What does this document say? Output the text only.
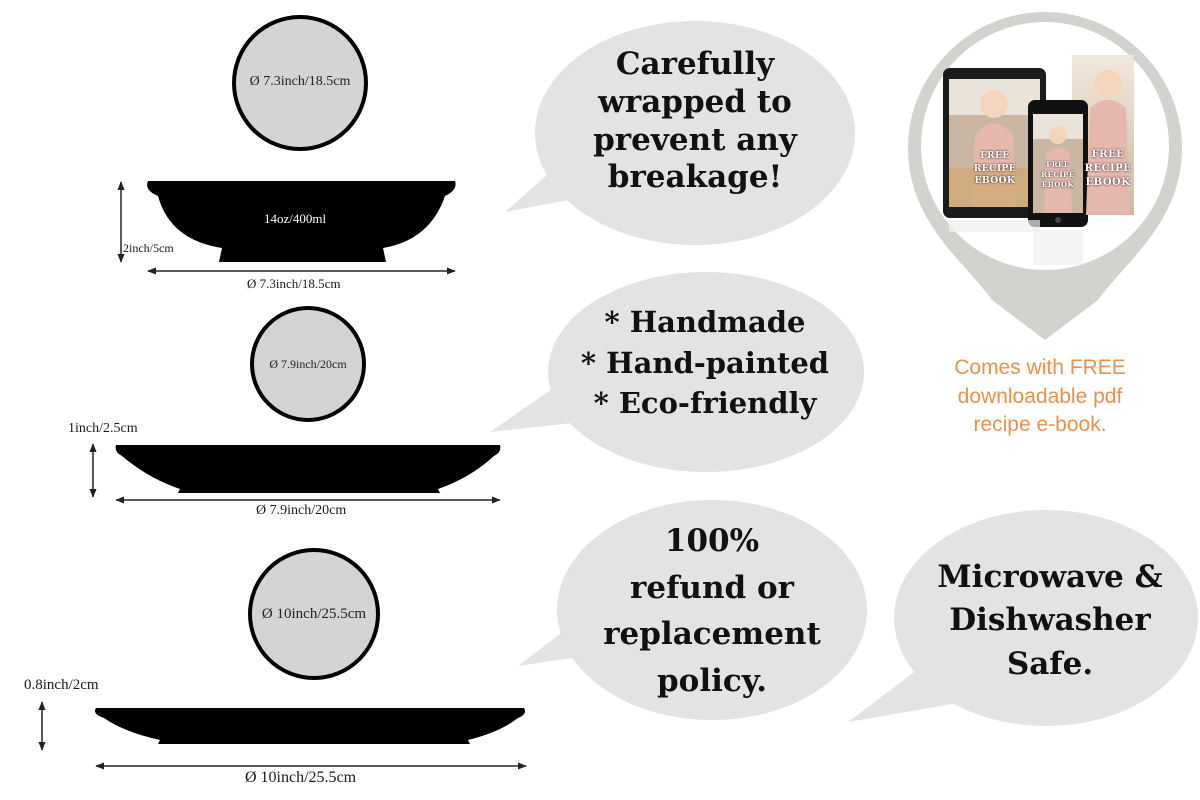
Ø 7.3inch/18.5cm
14oz/400ml
2inch/5cm
Ø 7.3inch/18.5cm
Ø 7.9inch/20cm
1inch/2.5cm
Ø 7.9inch/20cm
Ø 10inch/25.5cm
0.8inch/2cm
Ø 10inch/25.5cm
Carefully
wrapped to
prevent any
breakage!
* Handmade
* Hand-painted
* Eco-friendly
100%
refund or
replacement
policy.
Microwave &
Dishwasher
Safe.
FREE
RECIPE
EBOOK
FREE
RECIPE
EBOOK
FREE
RECIPE
EBOOK
Comes with FREE
downloadable pdf
recipe e-book.
